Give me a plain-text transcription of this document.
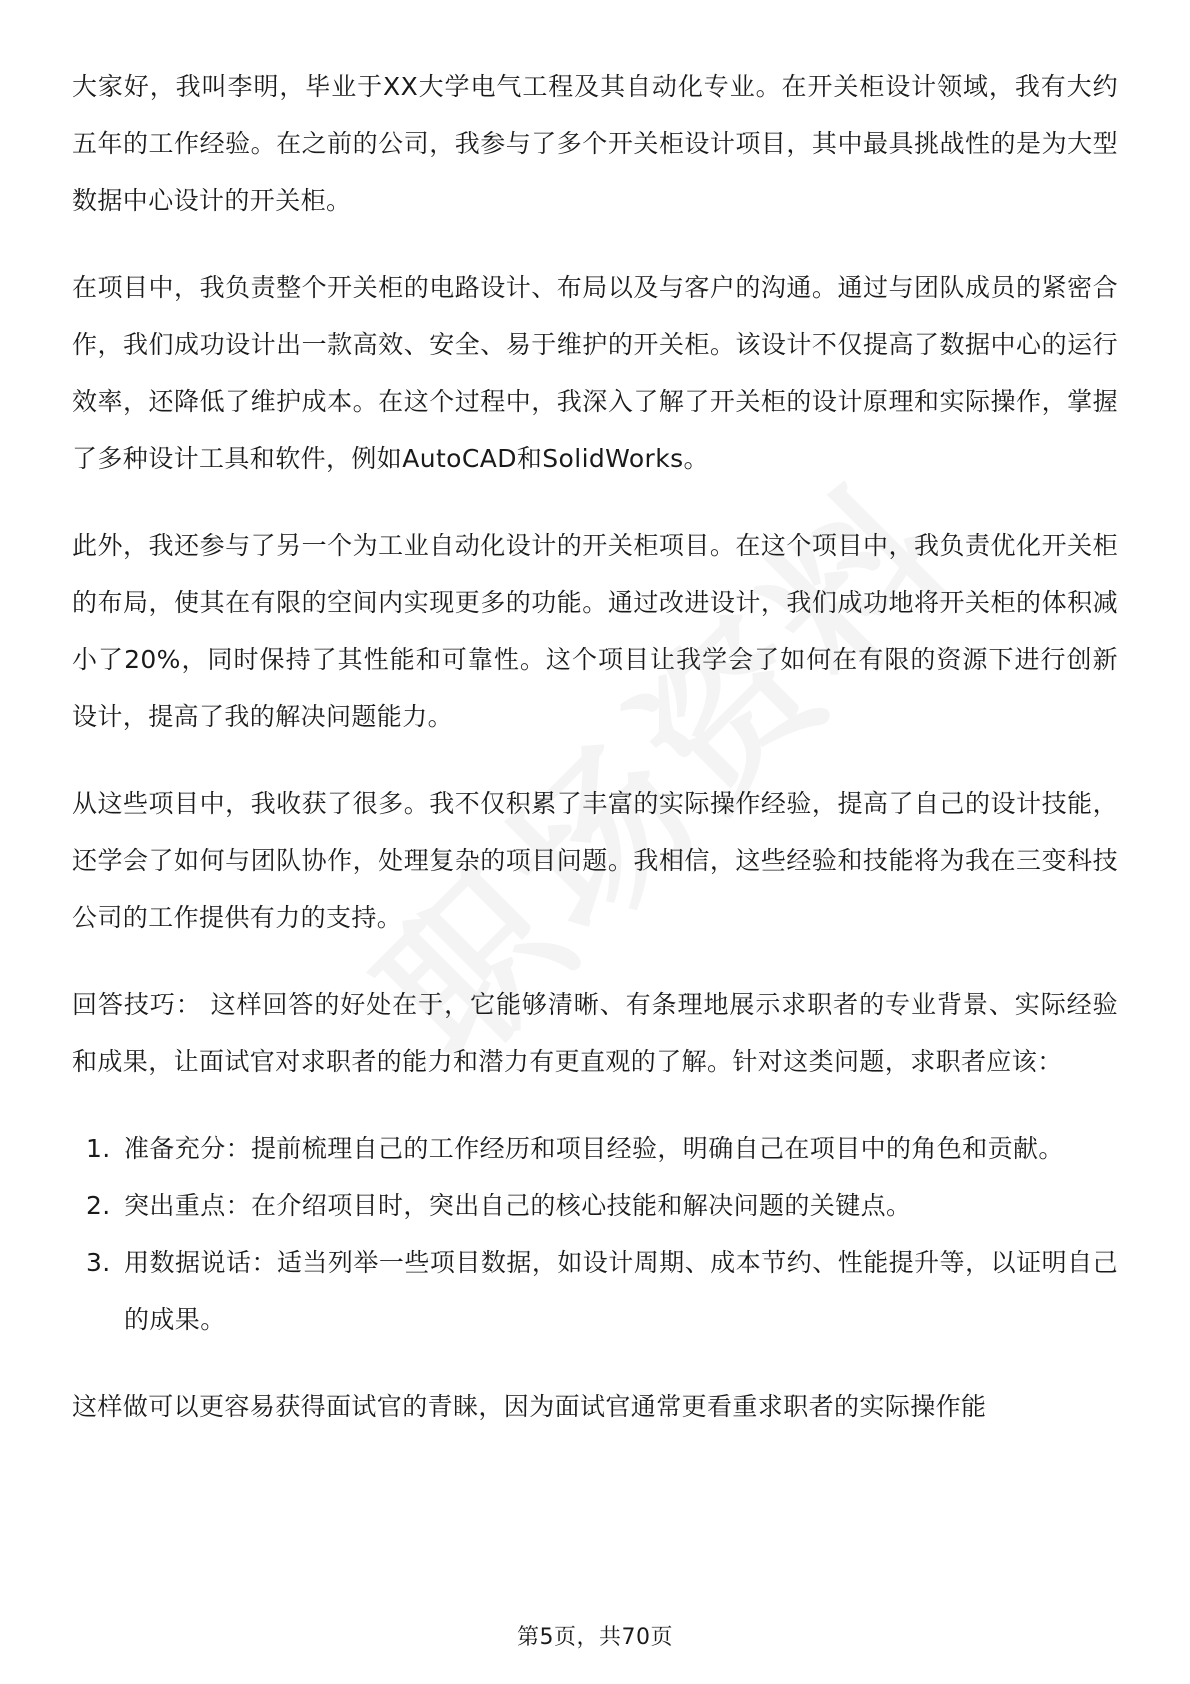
大家好，我叫李明，毕业于XX大学电气工程及其自动化专业。在开关柜设计领域，我有大约五年的工作经验。在之前的公司，我参与了多个开关柜设计项目，其中最具挑战性的是为大型数据中心设计的开关柜。

在项目中，我负责整个开关柜的电路设计、布局以及与客户的沟通。通过与团队成员的紧密合作，我们成功设计出一款高效、安全、易于维护的开关柜。该设计不仅提高了数据中心的运行效率，还降低了维护成本。在这个过程中，我深入了解了开关柜的设计原理和实际操作，掌握了多种设计工具和软件，例如AutoCAD和SolidWorks。

此外，我还参与了另一个为工业自动化设计的开关柜项目。在这个项目中，我负责优化开关柜的布局，使其在有限的空间内实现更多的功能。通过改进设计，我们成功地将开关柜的体积减小了20%，同时保持了其性能和可靠性。这个项目让我学会了如何在有限的资源下进行创新设计，提高了我的解决问题能力。

从这些项目中，我收获了很多。我不仅积累了丰富的实际操作经验，提高了自己的设计技能，还学会了如何与团队协作，处理复杂的项目问题。我相信，这些经验和技能将为我在三变科技公司的工作提供有力的支持。

回答技巧： 这样回答的好处在于，它能够清晰、有条理地展示求职者的专业背景、实际经验和成果，让面试官对求职者的能力和潜力有更直观的了解。针对这类问题，求职者应该：

1. 准备充分：提前梳理自己的工作经历和项目经验，明确自己在项目中的角色和贡献。
2. 突出重点：在介绍项目时，突出自己的核心技能和解决问题的关键点。
3. 用数据说话：适当列举一些项目数据，如设计周期、成本节约、性能提升等，以证明自己的成果。

这样做可以更容易获得面试官的青睐，因为面试官通常更看重求职者的实际操作能

第5页，共70页
